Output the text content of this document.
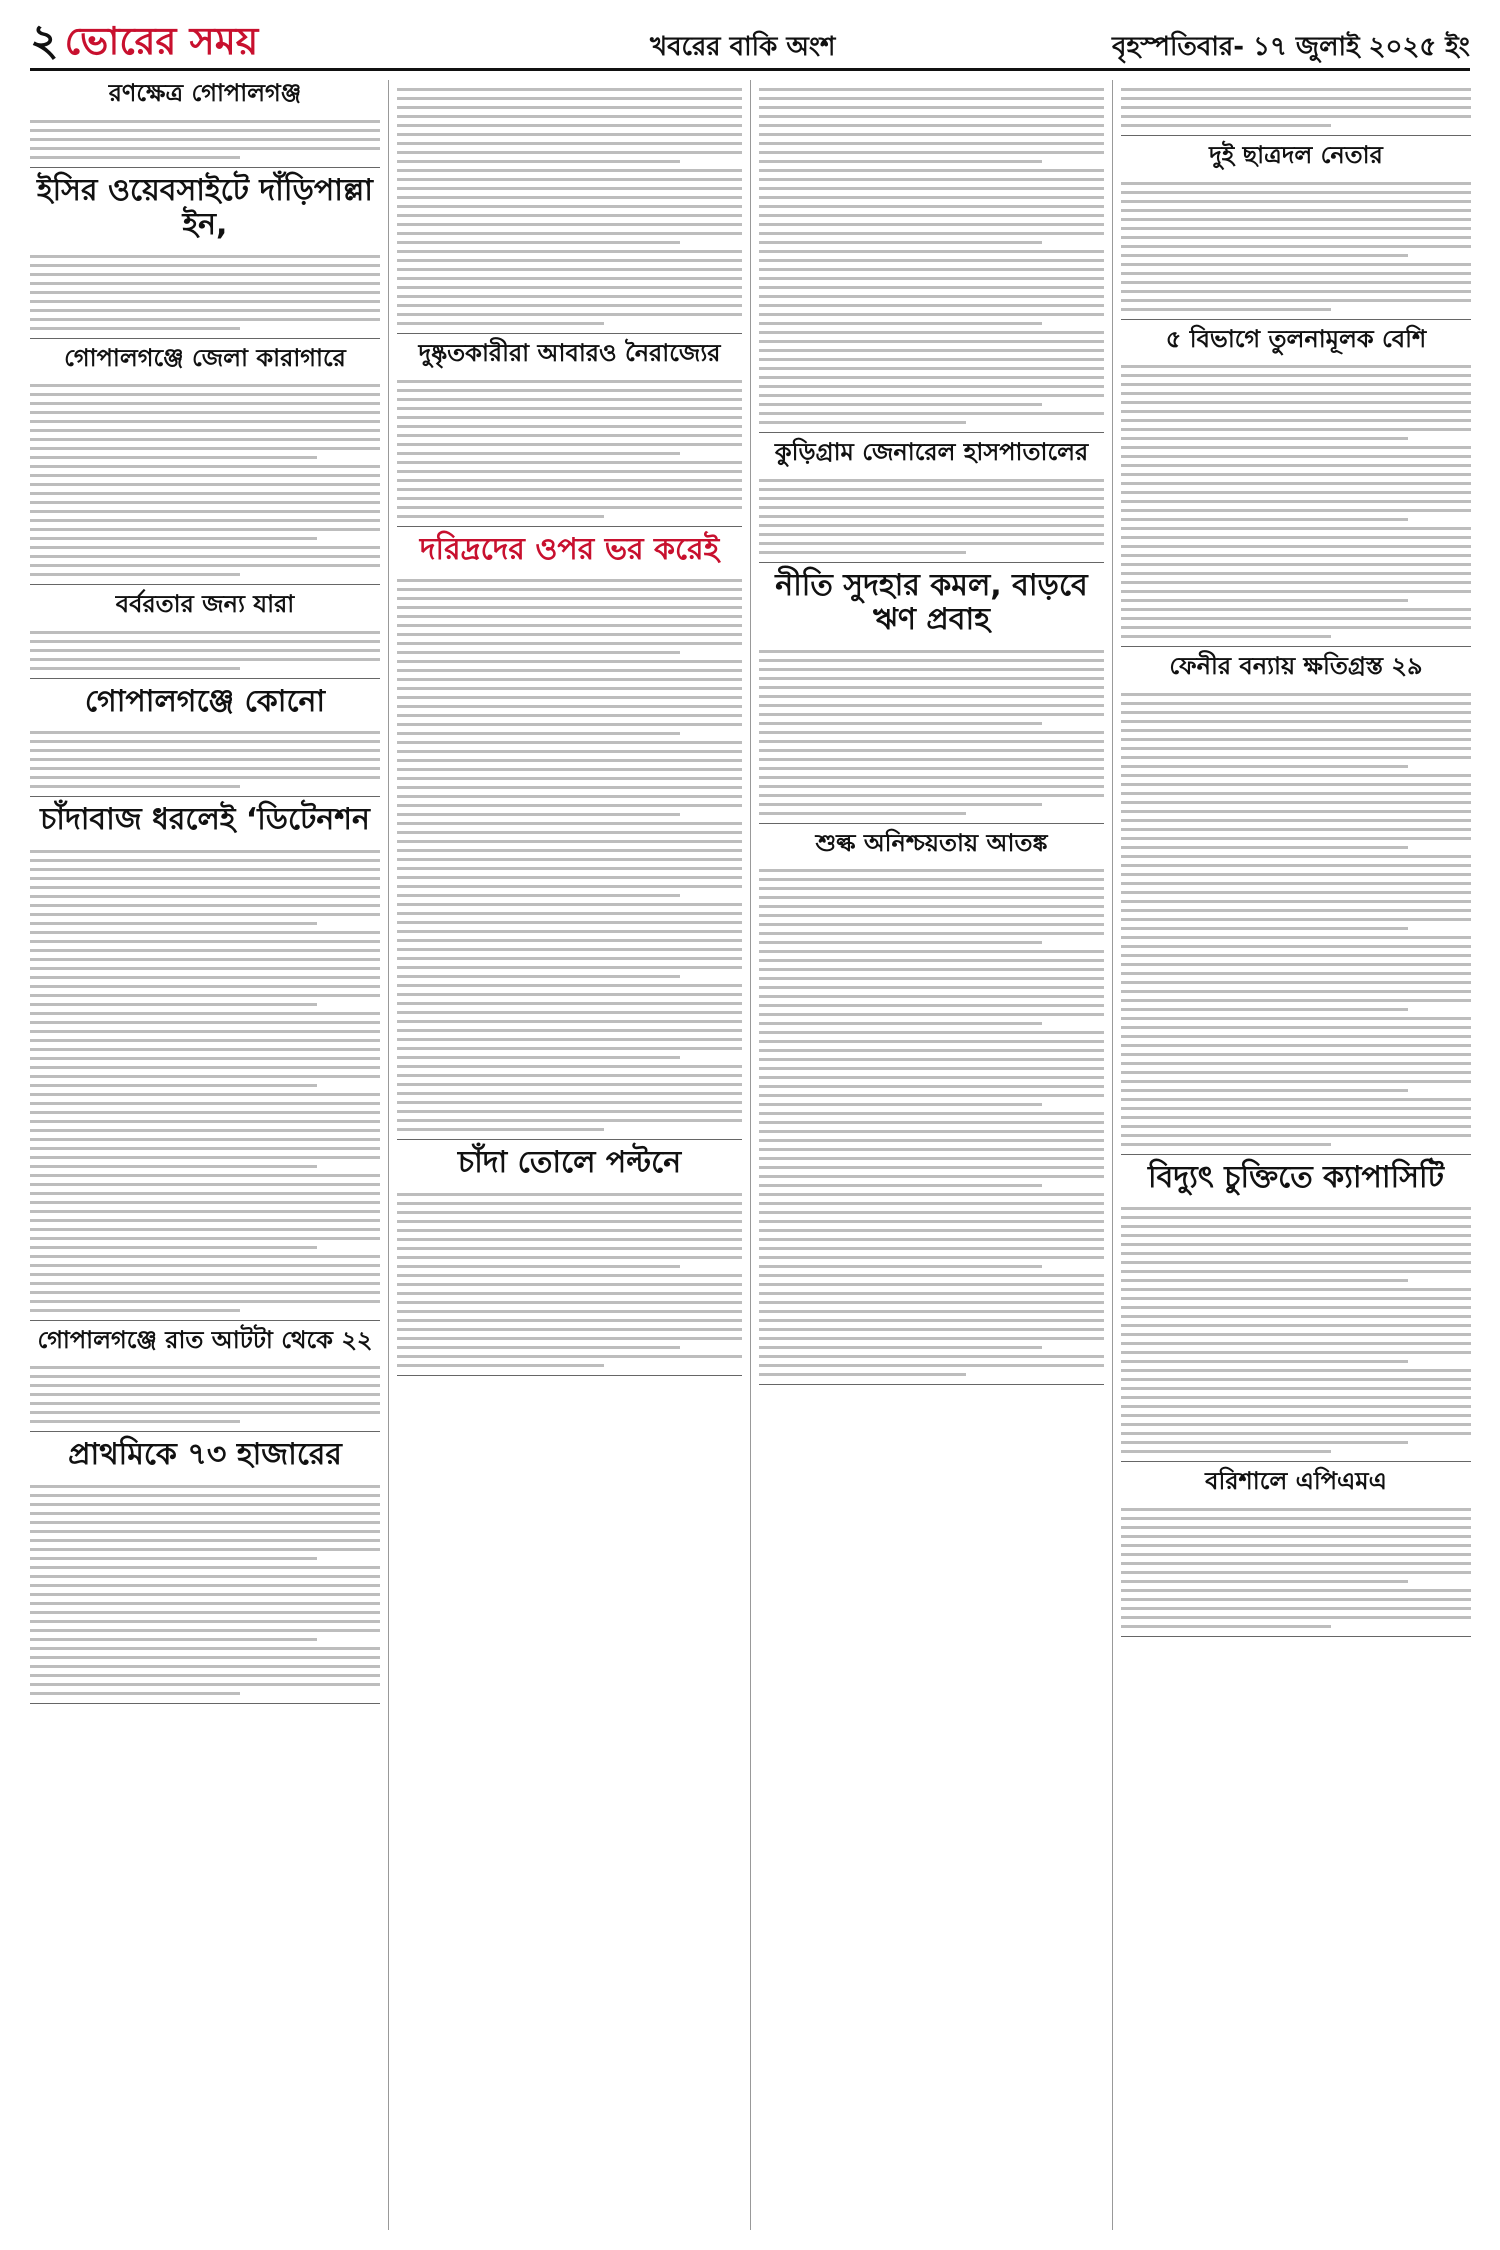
২ ভোরের সময়	খবরের বাকি অংশ	বৃহস্পতিবার- ১৭ জুলাই ২০২৫ ইং
রণক্ষেত্র গোপালগঞ্জ
ইসির ওয়েবসাইটে দাঁড়িপাল্লা ইন,
গোপালগঞ্জে জেলা কারাগারে
বর্বরতার জন্য যারা
গোপালগঞ্জে কোনো
চাঁদাবাজ ধরলেই ‘ডিটেনশন
গোপালগঞ্জে রাত আটটা থেকে ২২
প্রাথমিকে ৭৩ হাজারের
দুষ্কৃতকারীরা আবারও নৈরাজ্যের
দরিদ্রদের ওপর ভর করেই
চাঁদা তোলে পল্টনে
কুড়িগ্রাম জেনারেল হাসপাতালের
নীতি সুদহার কমল, বাড়বে ঋণ প্রবাহ
শুল্ক অনিশ্চয়তায় আতঙ্ক
দুই ছাত্রদল নেতার
৫ বিভাগে তুলনামূলক বেশি
ফেনীর বন্যায় ক্ষতিগ্রস্ত ২৯
বিদ্যুৎ চুক্তিতে ক্যাপাসিটি
বরিশালে এপিএমএ
